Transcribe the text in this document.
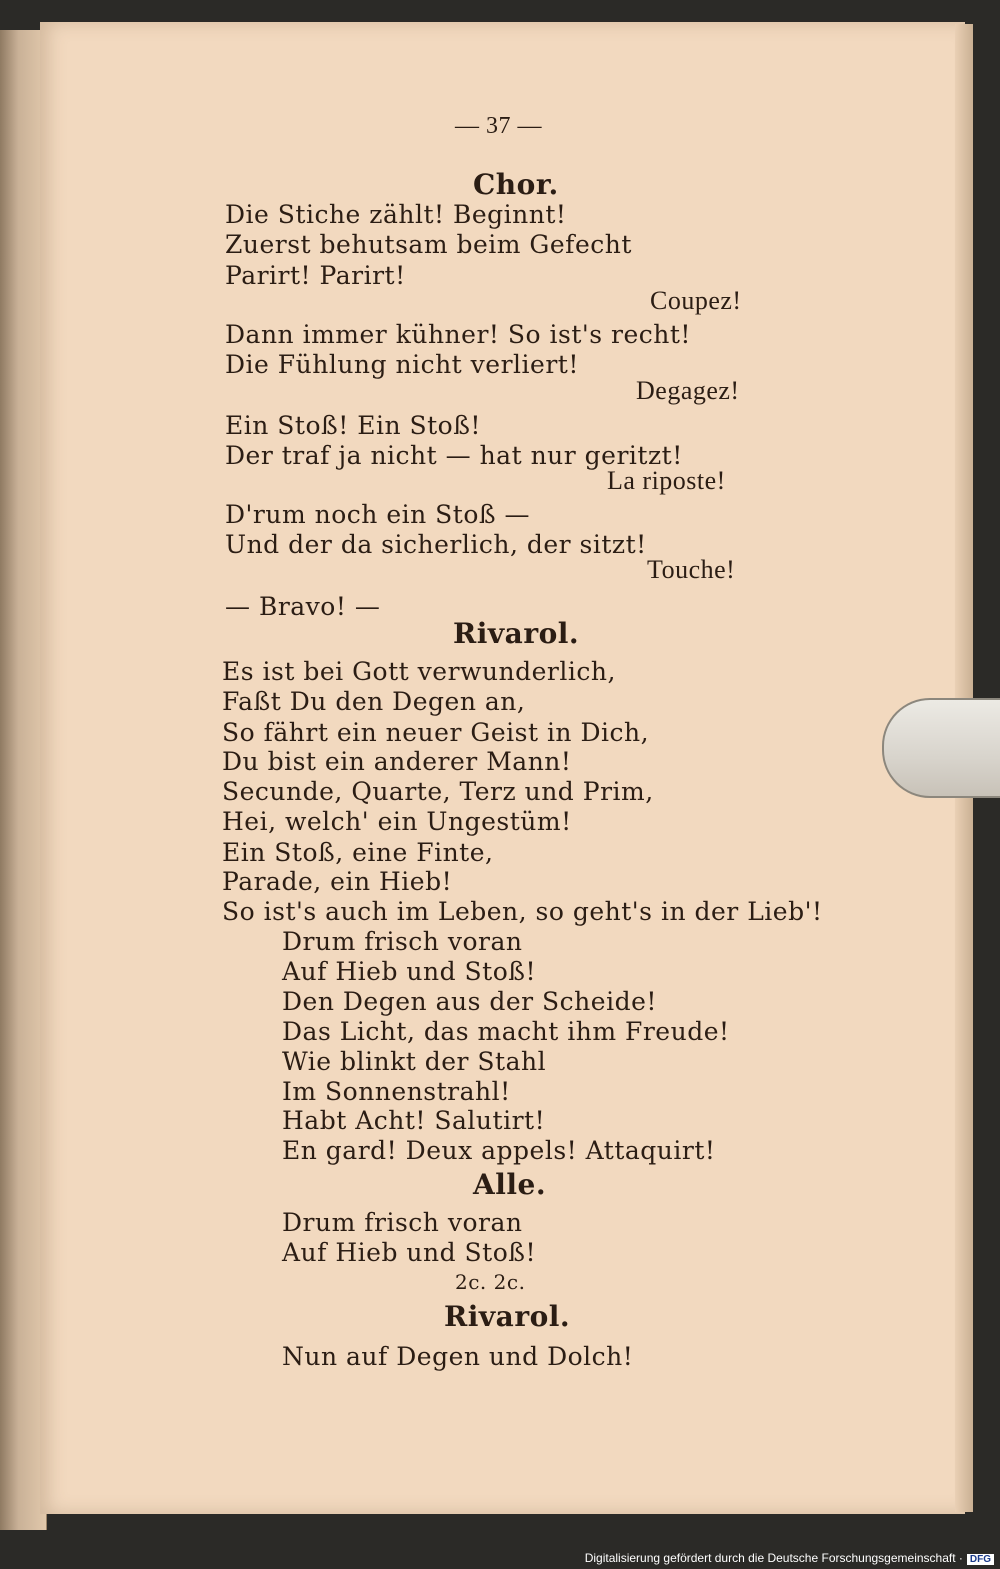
— 37 —
Chor.
Die Stiche zählt! Beginnt!
Zuerst behutsam beim Gefecht
Parirt! Parirt!
Coupez!
Dann immer kühner! So ist's recht!
Die Fühlung nicht verliert!
Degagez!
Ein Stoß! Ein Stoß!
Der traf ja nicht — hat nur geritzt!
La riposte!
D'rum noch ein Stoß —
Und der da sicherlich, der sitzt!
Touche!
— Bravo! —
Rivarol.
Es ist bei Gott verwunderlich,
Faßt Du den Degen an,
So fährt ein neuer Geist in Dich,
Du bist ein anderer Mann!
Secunde, Quarte, Terz und Prim,
Hei, welch' ein Ungestüm!
Ein Stoß, eine Finte,
Parade, ein Hieb!
So ist's auch im Leben, so geht's in der Lieb'!
Drum frisch voran
Auf Hieb und Stoß!
Den Degen aus der Scheide!
Das Licht, das macht ihm Freude!
Wie blinkt der Stahl
Im Sonnenstrahl!
Habt Acht! Salutirt!
En gard! Deux appels! Attaquirt!
Alle.
Drum frisch voran
Auf Hieb und Stoß!
2c. 2c.
Rivarol.
Nun auf Degen und Dolch!
Digitalisierung gefördert durch die Deutsche Forschungsgemeinschaft · DFG
